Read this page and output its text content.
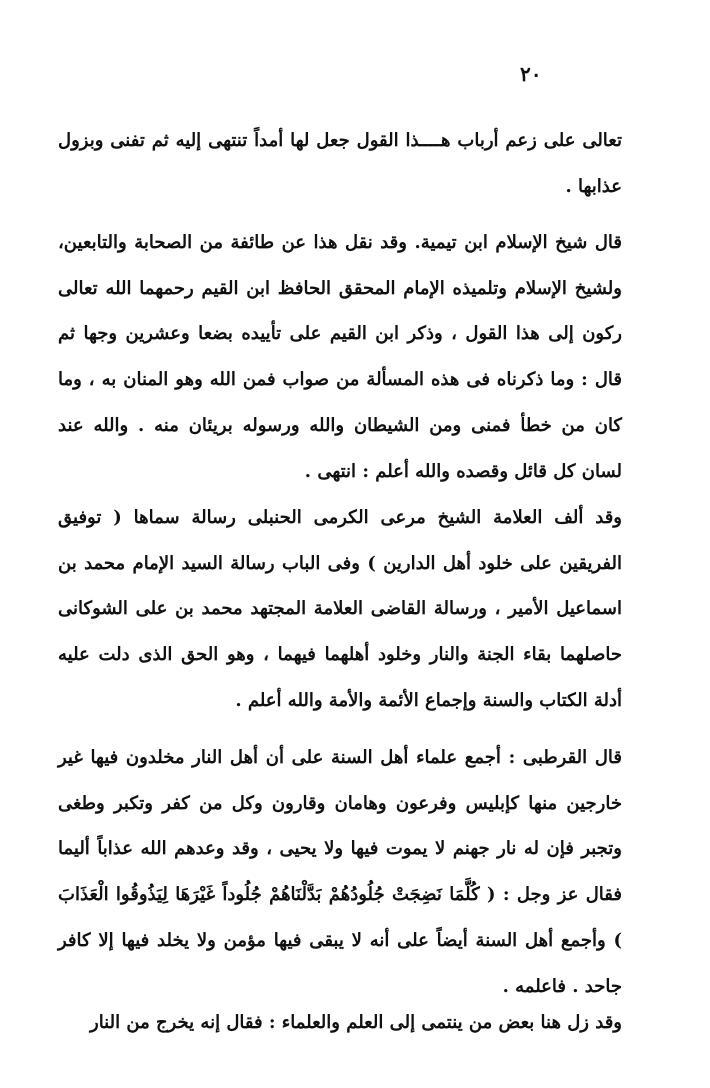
٢٠
تعالى على زعم أرباب هــــذا القول جعل لها أمداً تنتهى إليه ثم تفنى وبزول عذابها .
قال شيخ الإسلام ابن تيمية. وقد نقل هذا عن طائفة من الصحابة والتابعين، ولشيخ الإسلام وتلميذه الإمام المحقق الحافظ ابن القيم رحمهما الله تعالى ركون إلى هذا القول ، وذكر ابن القيم على تأييده بضعا وعشرين وجها ثم قال : وما ذكرناه فى هذه المسألة من صواب فمن الله وهو المنان به ، وما كان من خطأ فمنى ومن الشيطان والله ورسوله بريئان منه . والله عند لسان كل قائل وقصده والله أعلم : انتهى .
وقد ألف العلامة الشيخ مرعى الكرمى الحنبلى رسالة سماها ( توفيق الفريقين على خلود أهل الدارين ) وفى الباب رسالة السيد الإمام محمد بن اسماعيل الأمير ، ورسالة القاضى العلامة المجتهد محمد بن على الشوكانى حاصلهما بقاء الجنة والنار وخلود أهلهما فيهما ، وهو الحق الذى دلت عليه أدلة الكتاب والسنة وإجماع الأئمة والأمة والله أعلم .
قال القرطبى : أجمع علماء أهل السنة على أن أهل النار مخلدون فيها غير خارجين منها كإبليس وفرعون وهامان وقارون وكل من كفر وتكبر وطغى وتجبر فإن له نار جهنم لا يموت فيها ولا يحيى ، وقد وعدهم الله عذاباً أليما فقال عز وجل : ( كُلَّمَا نَضِجَتْ جُلُودُهُمْ بَدَّلْنَاهُمْ جُلُوداً غَيْرَهَا لِيَذُوقُوا الْعَذَابَ ) وأجمع أهل السنة أيضاً على أنه لا يبقى فيها مؤمن ولا يخلد فيها إلا كافر جاحد . فاعلمه .
وقد زل هنا بعض من ينتمى إلى العلم والعلماء : فقال إنه يخرج من النار
